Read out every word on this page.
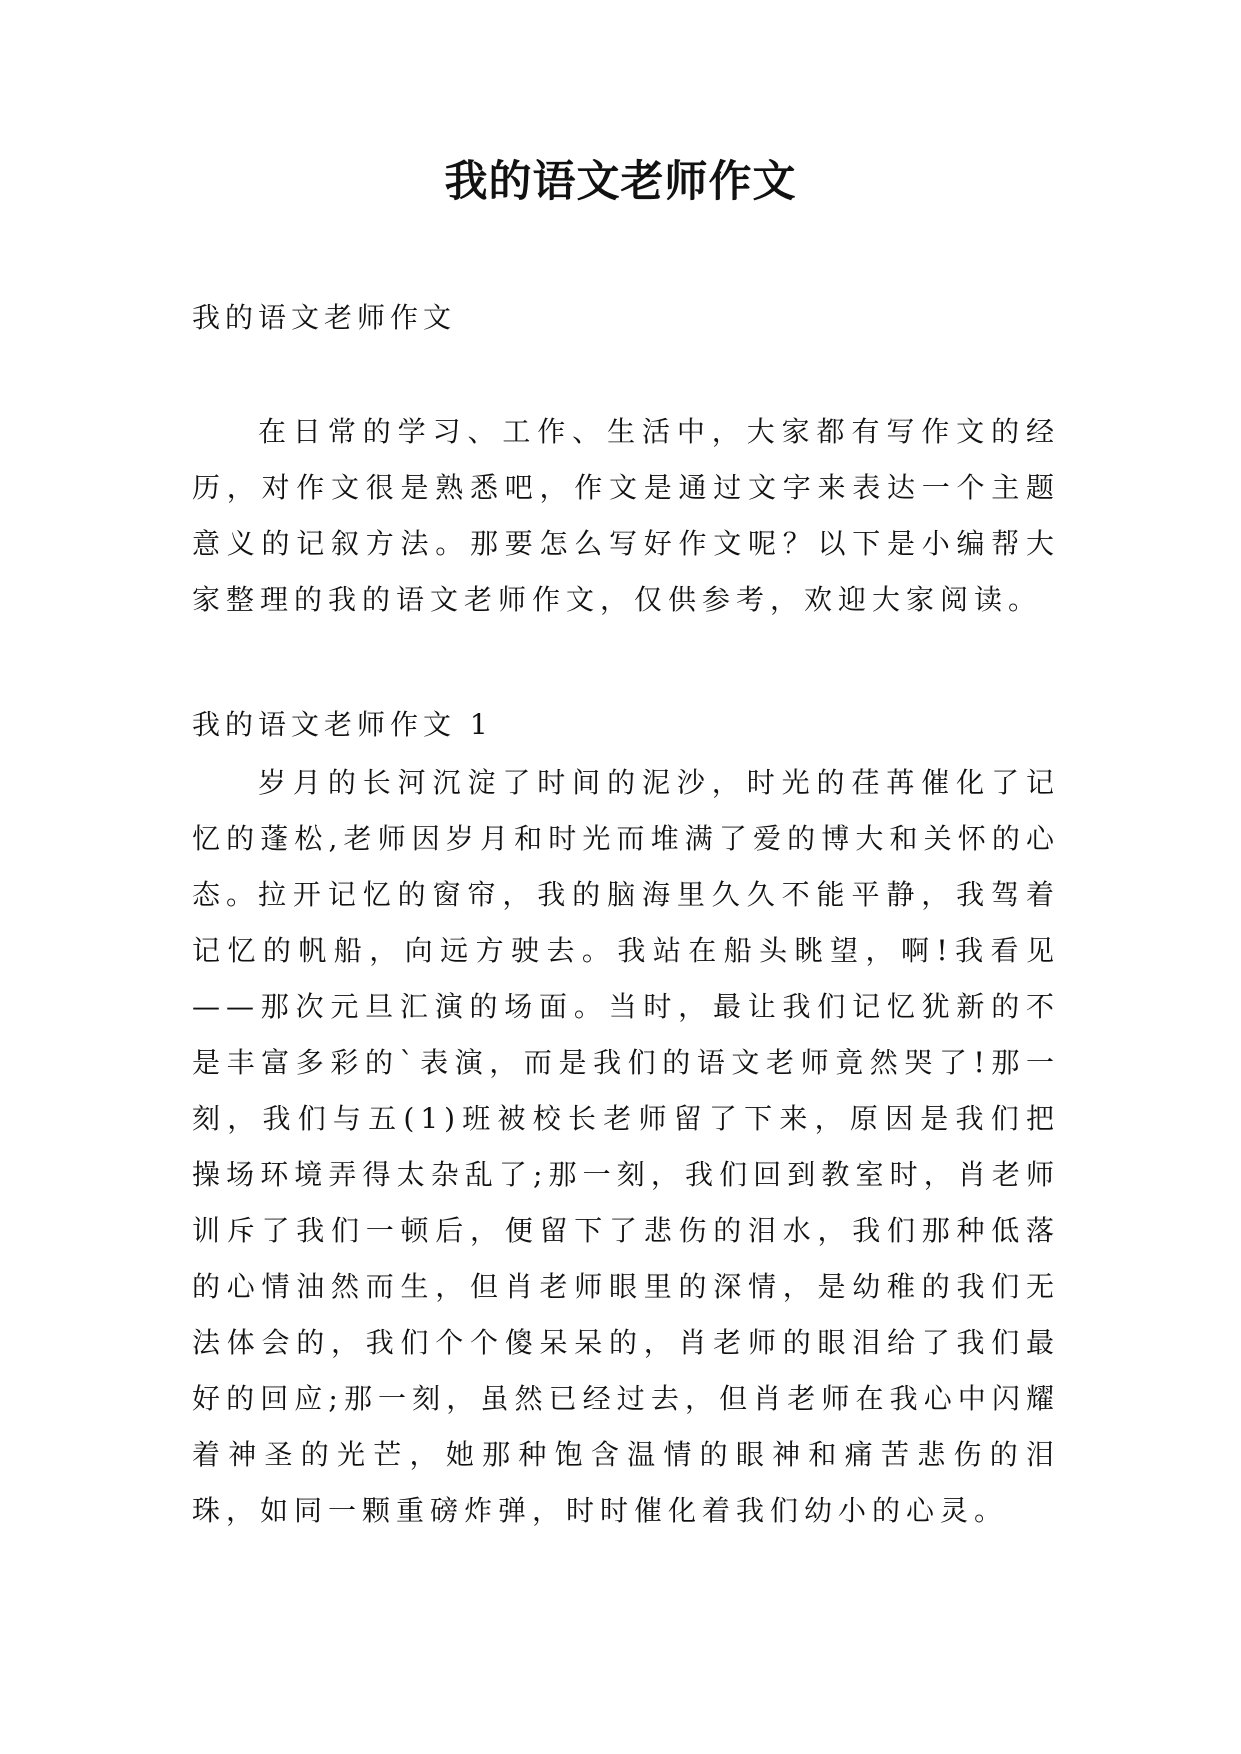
我的语文老师作文

我的语文老师作文

在日常的学习、工作、生活中，大家都有写作文的经历，对作文很是熟悉吧，作文是通过文字来表达一个主题意义的记叙方法。那要怎么写好作文呢？以下是小编帮大家整理的我的语文老师作文，仅供参考，欢迎大家阅读。

我的语文老师作文 1

岁月的长河沉淀了时间的泥沙，时光的荏苒催化了记忆的蓬松,老师因岁月和时光而堆满了爱的博大和关怀的心态。

拉开记忆的窗帘，我的脑海里久久不能平静，我驾着记忆的帆船，向远方驶去。我站在船头眺望，啊!我看见——那次元旦汇演的场面。当时，最让我们记忆犹新的不是丰富多彩的`表演，而是我们的语文老师竟然哭了!那一刻，我们与五(1)班被校长老师留了下来，原因是我们把操场环境弄得太杂乱了;那一刻，我们回到教室时，肖老师训斥了我们一顿后，便留下了悲伤的泪水，我们那种低落的心情油然而生，但肖老师眼里的深情，是幼稚的我们无法体会的，我们个个傻呆呆的，肖老师的眼泪给了我们最好的回应;那一刻，虽然已经过去，但肖老师在我心中闪耀着神圣的光芒，她那种饱含温情的眼神和痛苦悲伤的泪珠，如同一颗重磅炸弹，时时催化着我们幼小的心灵。
